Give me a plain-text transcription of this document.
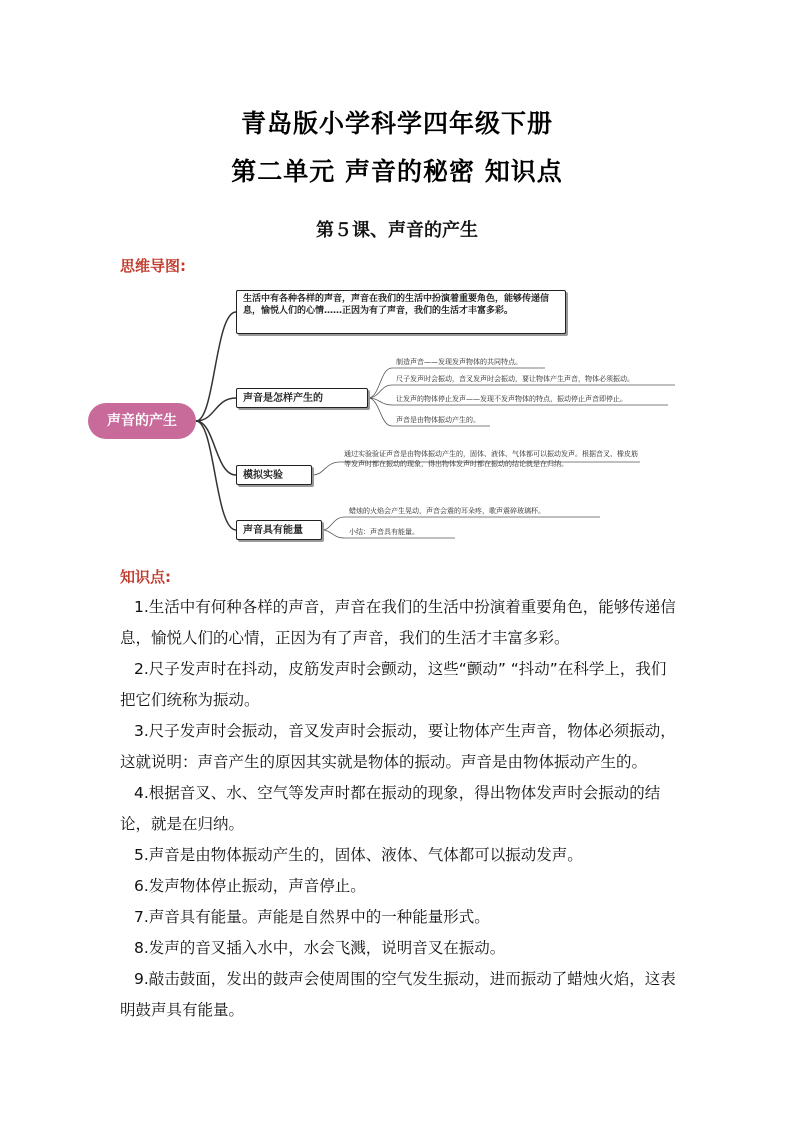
青岛版小学科学四年级下册
第二单元 声音的秘密 知识点
第５课、声音的产生
思维导图:
声音的产生
生活中有各种各样的声音，声音在我们的生活中扮演着重要角色，能够传递信息，愉悦人们的心情……正因为有了声音，我们的生活才丰富多彩。
声音是怎样产生的
制造声音——发现发声物体的共同特点。
尺子发声时会振动，音叉发声时会振动，要让物体产生声音，物体必须振动。
让发声的物体停止发声——发现不发声物体的特点，振动停止声音即停止。
声音是由物体振动产生的。
模拟实验
通过实验验证声音是由物体振动产生的，固体、液体、气体都可以振动发声。根据音叉、橡皮筋等发声时都在振动的现象，得出物体发声时都在振动的结论就是在归纳。
声音具有能量
蜡烛的火焰会产生晃动，声音会震的耳朵疼，歌声震碎玻璃杯。
小结：声音具有能量。
知识点:
1.生活中有何种各样的声音，声音在我们的生活中扮演着重要角色，能够传递信息，愉悦人们的心情，正因为有了声音，我们的生活才丰富多彩。
2.尺子发声时在抖动，皮筋发声时会颤动，这些“颤动” “抖动”在科学上，我们把它们统称为振动。
3.尺子发声时会振动，音叉发声时会振动，要让物体产生声音，物体必须振动，这就说明：声音产生的原因其实就是物体的振动。声音是由物体振动产生的。
4.根据音叉、水、空气等发声时都在振动的现象，得出物体发声时会振动的结论，就是在归纳。
5.声音是由物体振动产生的，固体、液体、气体都可以振动发声。
6.发声物体停止振动，声音停止。
7.声音具有能量。声能是自然界中的一种能量形式。
8.发声的音叉插入水中，水会飞溅，说明音叉在振动。
9.敲击鼓面，发出的鼓声会使周围的空气发生振动，进而振动了蜡烛火焰，这表明鼓声具有能量。
